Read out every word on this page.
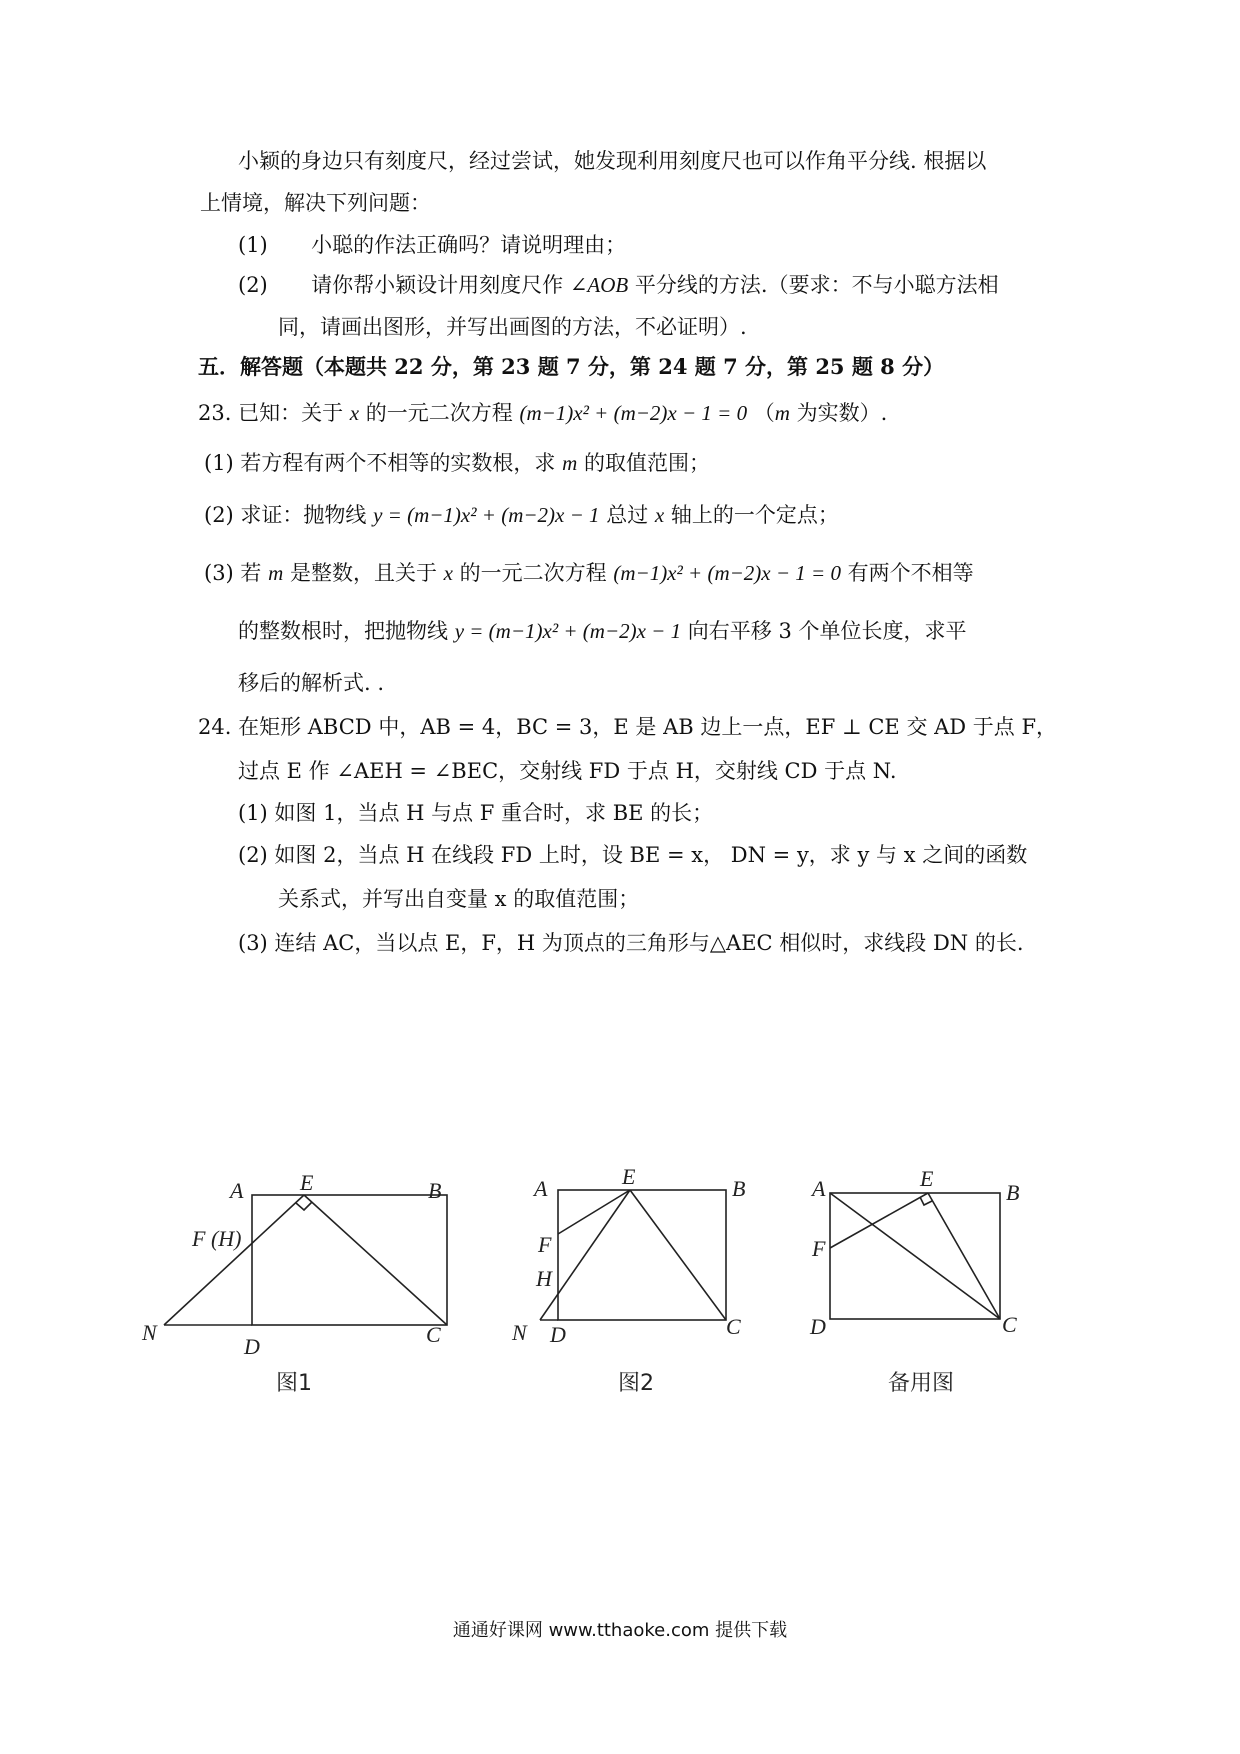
小颖的身边只有刻度尺，经过尝试，她发现利用刻度尺也可以作角平分线. 根据以
上情境，解决下列问题：
(1) 小聪的作法正确吗？请说明理由；
(2) 请你帮小颖设计用刻度尺作 ∠AOB 平分线的方法.（要求：不与小聪方法相
同，请画出图形，并写出画图的方法，不必证明）.
五．解答题（本题共 22 分，第 23 题 7 分，第 24 题 7 分，第 25 题 8 分）
23. 已知：关于 x 的一元二次方程 (m−1)x² + (m−2)x − 1 = 0 （m 为实数）.
(1) 若方程有两个不相等的实数根，求 m 的取值范围；
(2) 求证：抛物线 y = (m−1)x² + (m−2)x − 1 总过 x 轴上的一个定点；
(3) 若 m 是整数，且关于 x 的一元二次方程 (m−1)x² + (m−2)x − 1 = 0 有两个不相等
的整数根时，把抛物线 y = (m−1)x² + (m−2)x − 1 向右平移 3 个单位长度，求平
移后的解析式. .
24. 在矩形 ABCD 中，AB = 4，BC = 3，E 是 AB 边上一点，EF ⊥ CE 交 AD 于点 F，
过点 E 作 ∠AEH = ∠BEC，交射线 FD 于点 H，交射线 CD 于点 N.
(1) 如图 1，当点 H 与点 F 重合时，求 BE 的长；
(2) 如图 2，当点 H 在线段 FD 上时，设 BE = x， DN = y，求 y 与 x 之间的函数
关系式，并写出自变量 x 的取值范围；
(3) 连结 AC，当以点 E，F，H 为顶点的三角形与△AEC 相似时，求线段 DN 的长.
A	E	B
F (H)
N
D	C
图1
A	E	B
F
H
N D	C
图2
A	E
B
F
D	C
备用图
通通好课网 www.tthaoke.com 提供下载
